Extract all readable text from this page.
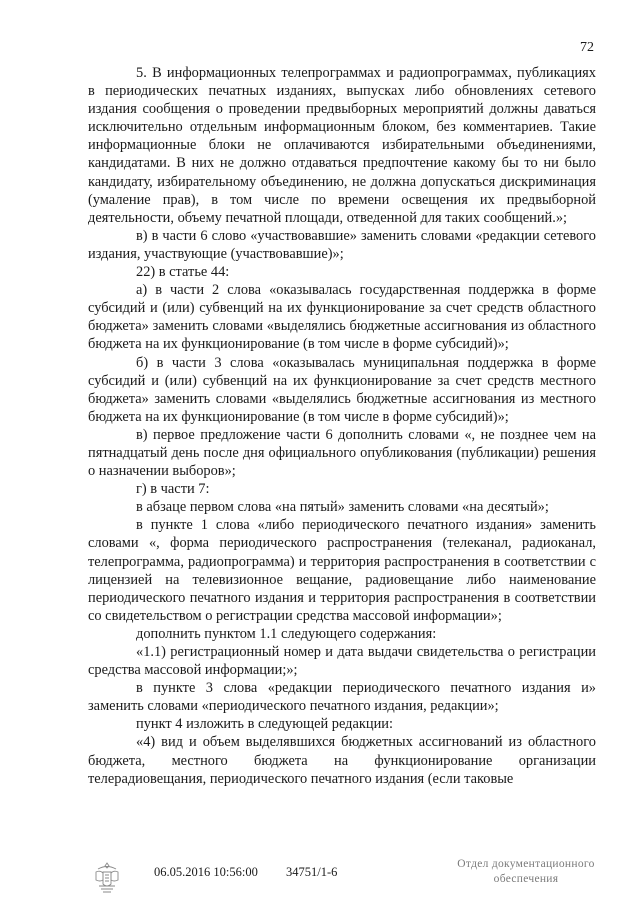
72

5. В информационных телепрограммах и радиопрограммах, публикациях в периодических печатных изданиях, выпусках либо обновлениях сетевого издания сообщения о проведении предвыборных мероприятий должны даваться исключительно отдельным информационным блоком, без комментариев. Такие информационные блоки не оплачиваются избирательными объединениями, кандидатами. В них не должно отдаваться предпочтение какому бы то ни было кандидату, избирательному объединению, не должна допускаться дискриминация (умаление прав), в том числе по времени освещения их предвыборной деятельности, объему печатной площади, отведенной для таких сообщений.»;

в) в части 6 слово «участвовавшие» заменить словами «редакции сетевого издания, участвующие (участвовавшие)»;

22) в статье 44:

а) в части 2 слова «оказывалась государственная поддержка в форме субсидий и (или) субвенций на их функционирование за счет средств областного бюджета» заменить словами «выделялись бюджетные ассигнования из областного бюджета на их функционирование (в том числе в форме субсидий)»;

б) в части 3 слова «оказывалась муниципальная поддержка в форме субсидий и (или) субвенций на их функционирование за счет средств местного бюджета» заменить словами «выделялись бюджетные ассигнования из местного бюджета на их функционирование (в том числе в форме субсидий)»;

в) первое предложение части 6 дополнить словами «, не позднее чем на пятнадцатый день после дня официального опубликования (публикации) решения о назначении выборов»;

г) в части 7:

в абзаце первом слова «на пятый» заменить словами «на десятый»;

в пункте 1 слова «либо периодического печатного издания» заменить словами «, форма периодического распространения (телеканал, радиоканал, телепрограмма, радиопрограмма) и территория распространения в соответствии с лицензией на телевизионное вещание, радиовещание либо наименование периодического печатного издания и территория распространения в соответствии со свидетельством о регистрации средства массовой информации»;

дополнить пунктом 1.1 следующего содержания:

«1.1) регистрационный номер и дата выдачи свидетельства о регистрации средства массовой информации;»;

в пункте 3 слова «редакции периодического печатного издания и» заменить словами «периодического печатного издания, редакции»;

пункт 4 изложить в следующей редакции:

«4) вид и объем выделявшихся бюджетных ассигнований из областного бюджета, местного бюджета на функционирование организации телерадиовещания, периодического печатного издания (если таковые

06.05.2016 10:56:00 34751/1-6
Отдел документационного
обеспечения
